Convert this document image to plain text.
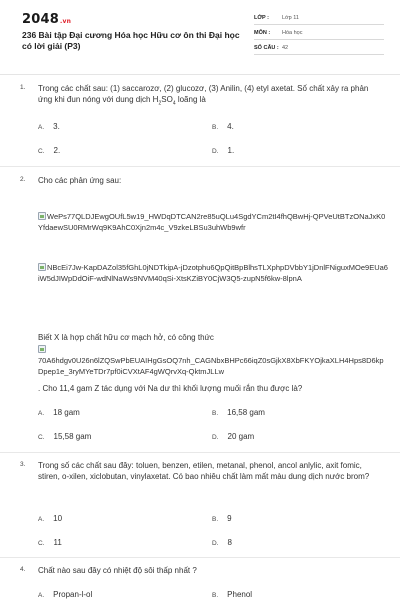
2048.vn
236 Bài tập Đại cương Hóa học Hữu cơ ôn thi Đại học có lời giải (P3)
LỚP :	Lớp 11
MÔN :	Hóa học
SỐ CÂU : 42
1. Trong các chất sau: (1) saccarozơ, (2) glucozơ, (3) Anilin, (4) etyl axetat. Số chất xảy ra phản ứng khi đun nóng với dung dịch $H_2SO_4$ loãng là
A. 3.	B. 4.
C. 2.	D. 1.
2. Cho các phản ứng sau:
WePs77QLDJEwgOUfL5w19_HWDqDTCAN2re85uQLu4SgdYCm2tI4fhQBwHj-QPVeUtBTzONaJxK0YfdaewSU0RMrWq9K9AhC0Xjn2m4c_V9zkeLBSu3uhWb9wfr
NBcEi7Jw-KapDAZol35fGhL0jNDTkipA-jDzotphu6QpQitBpBlhsTLXphpDVbbY1jDnlFNiguxMOe9EUa6iW5dJIWpDdOiF-wdNlNaWs9NVM40qSi-XtsKZiBY0CjW3Q5-zupN5f6kw-8lpnA
Biết X là hợp chất hữu cơ mạch hở, có công thức

70A6hdgv0U26n6lZQSwPbEUAIHgGsOQ7nh_CAGNbxBHPc66iqZ0sGjkX8XbFKYOjkaXLH4Hps8D6kpDpep1e_3ryMYeTDr7pf0iCVXtAF4gWQrvXq-QktmJLLw
. Cho 11,4 gam Z tác dụng với Na dư thì khối lượng muối rắn thu được là?
A. 18 gam	B. 16,58 gam
C. 15,58 gam	D. 20 gam
3. Trong số các chất sau đây: toluen, benzen, etilen, metanal, phenol, ancol anlylic, axit fomic, stiren, o-xilen, xiclobutan, vinylaxetat. Có bao nhiêu chất làm mất màu dung dịch nước brom?
A. 10	B. 9
C. 11	D. 8
4. Chất nào sau đây có nhiệt độ sôi thấp nhất ?
A. Propan-l-ol	B. Phenol
